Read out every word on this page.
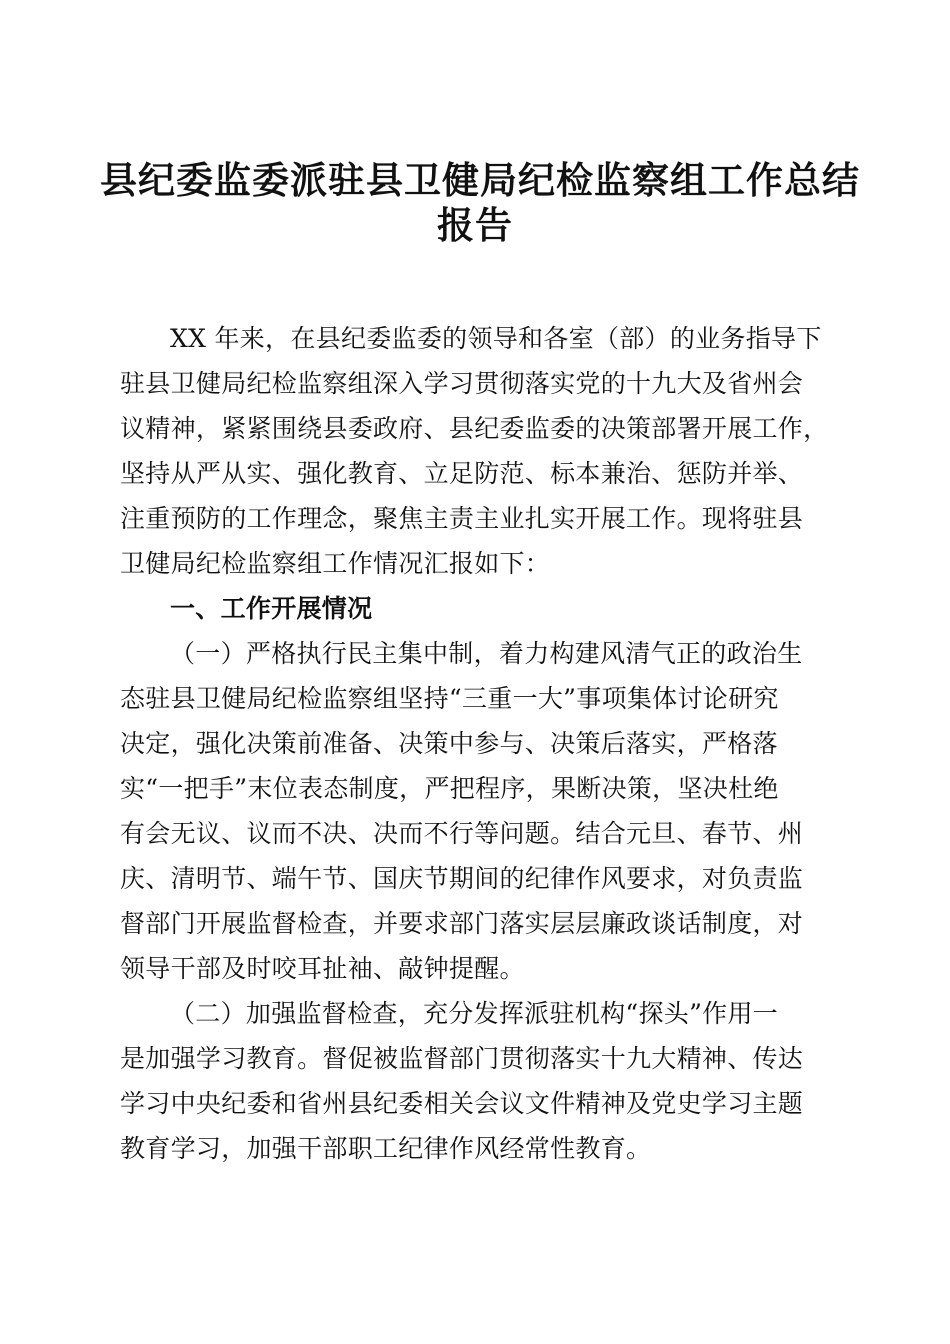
县纪委监委派驻县卫健局纪检监察组工作总结
报告
XX 年来，在县纪委监委的领导和各室（部）的业务指导下
驻县卫健局纪检监察组深入学习贯彻落实党的十九大及省州会
议精神，紧紧围绕县委政府、县纪委监委的决策部署开展工作，
坚持从严从实、强化教育、立足防范、标本兼治、惩防并举、
注重预防的工作理念，聚焦主责主业扎实开展工作。现将驻县
卫健局纪检监察组工作情况汇报如下：
一、工作开展情况
（一）严格执行民主集中制，着力构建风清气正的政治生
态驻县卫健局纪检监察组坚持“三重一大”事项集体讨论研究
决定，强化决策前准备、决策中参与、决策后落实，严格落
实“一把手”末位表态制度，严把程序，果断决策，坚决杜绝
有会无议、议而不决、决而不行等问题。结合元旦、春节、州
庆、清明节、端午节、国庆节期间的纪律作风要求，对负责监
督部门开展监督检查，并要求部门落实层层廉政谈话制度，对
领导干部及时咬耳扯袖、敲钟提醒。
（二）加强监督检查，充分发挥派驻机构“探头”作用一
是加强学习教育。督促被监督部门贯彻落实十九大精神、传达
学习中央纪委和省州县纪委相关会议文件精神及党史学习主题
教育学习，加强干部职工纪律作风经常性教育。
